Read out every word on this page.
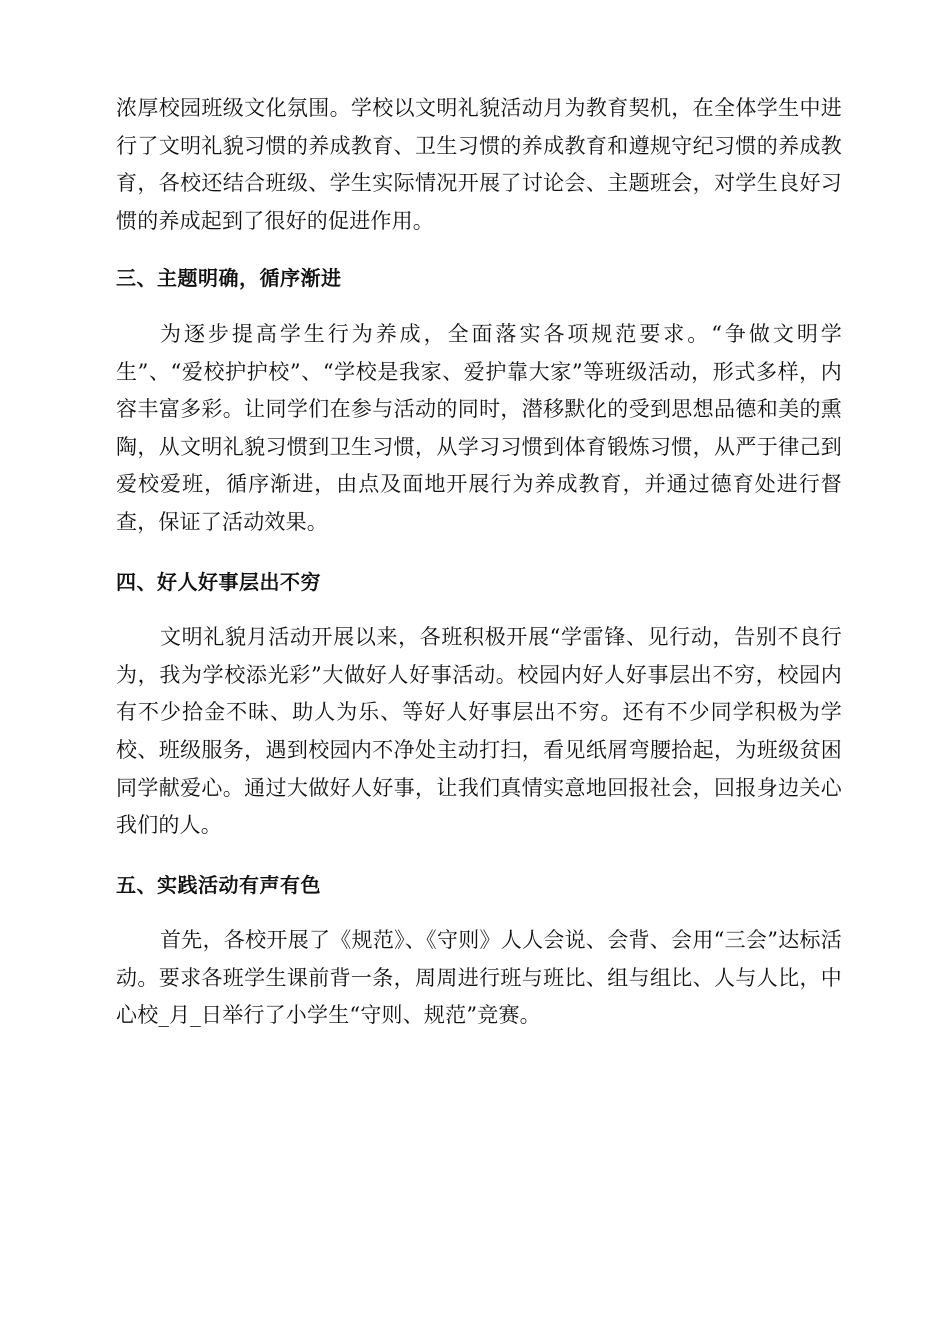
浓厚校园班级文化氛围。学校以文明礼貌活动月为教育契机，在全体学生中进行了文明礼貌习惯的养成教育、卫生习惯的养成教育和遵规守纪习惯的养成教育，各校还结合班级、学生实际情况开展了讨论会、主题班会，对学生良好习惯的养成起到了很好的促进作用。

三、主题明确，循序渐进

为逐步提高学生行为养成，全面落实各项规范要求。“争做文明学生”、“爱校护护校”、“学校是我家、爱护靠大家”等班级活动，形式多样，内容丰富多彩。让同学们在参与活动的同时，潜移默化的受到思想品德和美的熏陶，从文明礼貌习惯到卫生习惯，从学习习惯到体育锻炼习惯，从严于律己到爱校爱班，循序渐进，由点及面地开展行为养成教育，并通过德育处进行督查，保证了活动效果。

四、好人好事层出不穷

文明礼貌月活动开展以来，各班积极开展“学雷锋、见行动，告别不良行为，我为学校添光彩”大做好人好事活动。校园内好人好事层出不穷，校园内有不少拾金不昧、助人为乐、等好人好事层出不穷。还有不少同学积极为学校、班级服务，遇到校园内不净处主动打扫，看见纸屑弯腰拾起，为班级贫困同学献爱心。通过大做好人好事，让我们真情实意地回报社会，回报身边关心我们的人。

五、实践活动有声有色

首先，各校开展了《规范》、《守则》人人会说、会背、会用“三会”达标活动。要求各班学生课前背一条，周周进行班与班比、组与组比、人与人比，中心校_月_日举行了小学生“守则、规范”竞赛。
